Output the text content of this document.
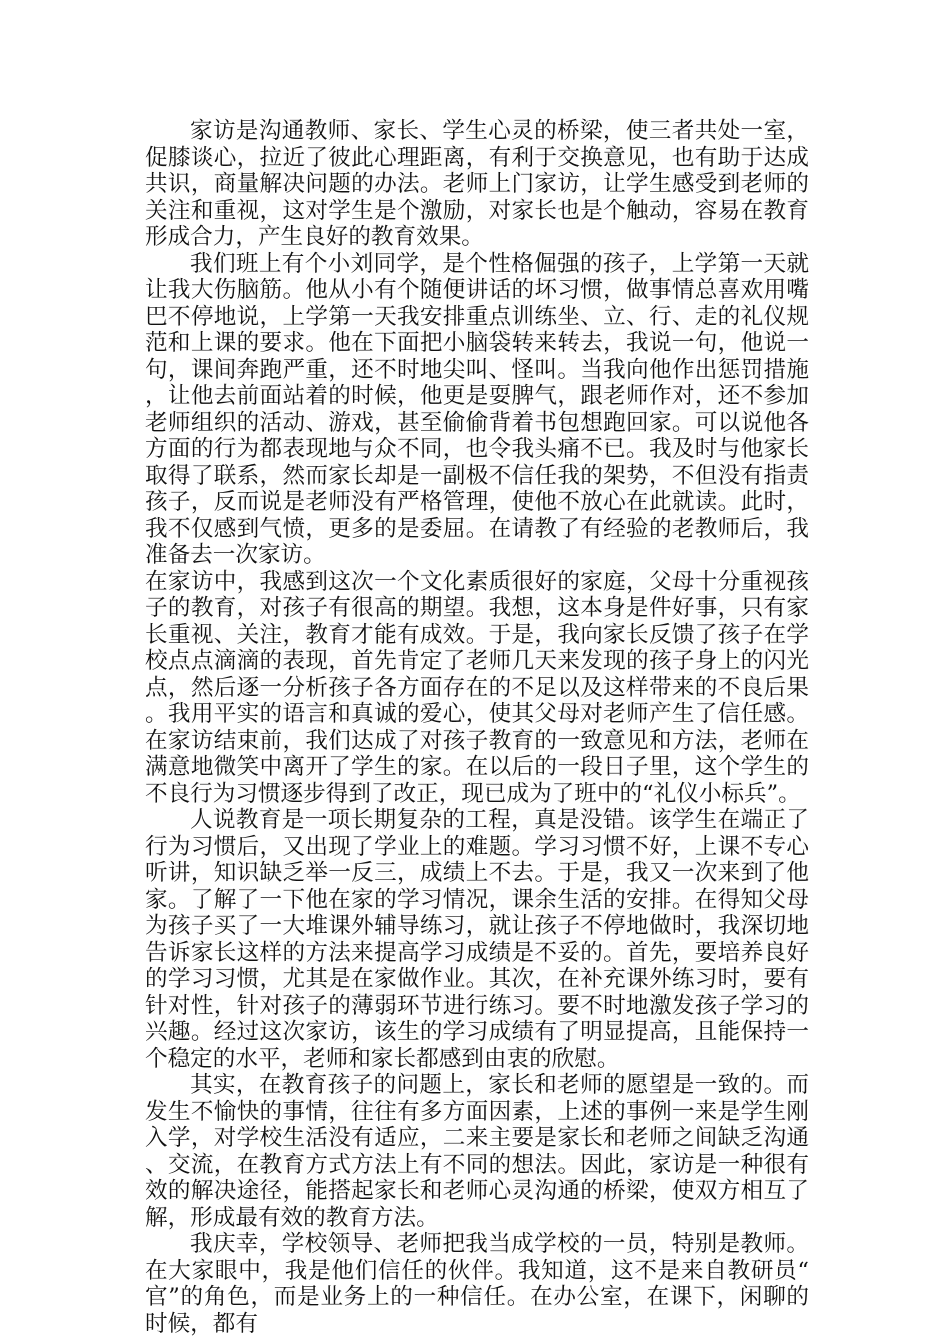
家访是沟通教师、家长、学生心灵的桥梁，使三者共处一室，促膝谈心，拉近了彼此心理距离，有利于交换意见，也有助于达成共识，商量解决问题的办法。老师上门家访，让学生感受到老师的关注和重视，这对学生是个激励，对家长也是个触动，容易在教育形成合力，产生良好的教育效果。

我们班上有个小刘同学，是个性格倔强的孩子，上学第一天就让我大伤脑筋。他从小有个随便讲话的坏习惯，做事情总喜欢用嘴巴不停地说，上学第一天我安排重点训练坐、立、行、走的礼仪规范和上课的要求。他在下面把小脑袋转来转去，我说一句，他说一句，课间奔跑严重，还不时地尖叫、怪叫。当我向他作出惩罚措施，让他去前面站着的时候，他更是耍脾气，跟老师作对，还不参加老师组织的活动、游戏，甚至偷偷背着书包想跑回家。可以说他各方面的行为都表现地与众不同，也令我头痛不已。我及时与他家长取得了联系，然而家长却是一副极不信任我的架势，不但没有指责孩子，反而说是老师没有严格管理，使他不放心在此就读。此时，我不仅感到气愤，更多的是委屈。在请教了有经验的老教师后，我准备去一次家访。

在家访中，我感到这次一个文化素质很好的家庭，父母十分重视孩子的教育，对孩子有很高的期望。我想，这本身是件好事，只有家长重视、关注，教育才能有成效。于是，我向家长反馈了孩子在学校点点滴滴的表现，首先肯定了老师几天来发现的孩子身上的闪光点，然后逐一分析孩子各方面存在的不足以及这样带来的不良后果。我用平实的语言和真诚的爱心，使其父母对老师产生了信任感。在家访结束前，我们达成了对孩子教育的一致意见和方法，老师在满意地微笑中离开了学生的家。在以后的一段日子里，这个学生的不良行为习惯逐步得到了改正，现已成为了班中的“礼仪小标兵”。

人说教育是一项长期复杂的工程，真是没错。该学生在端正了行为习惯后，又出现了学业上的难题。学习习惯不好，上课不专心听讲，知识缺乏举一反三，成绩上不去。于是，我又一次来到了他家。了解了一下他在家的学习情况，课余生活的安排。在得知父母为孩子买了一大堆课外辅导练习，就让孩子不停地做时，我深切地告诉家长这样的方法来提高学习成绩是不妥的。首先，要培养良好的学习习惯，尤其是在家做作业。其次，在补充课外练习时，要有针对性，针对孩子的薄弱环节进行练习。要不时地激发孩子学习的兴趣。经过这次家访，该生的学习成绩有了明显提高，且能保持一个稳定的水平，老师和家长都感到由衷的欣慰。

其实，在教育孩子的问题上，家长和老师的愿望是一致的。而发生不愉快的事情，往往有多方面因素，上述的事例一来是学生刚入学，对学校生活没有适应，二来主要是家长和老师之间缺乏沟通、交流，在教育方式方法上有不同的想法。因此，家访是一种很有效的解决途径，能搭起家长和老师心灵沟通的桥梁，使双方相互了解，形成最有效的教育方法。

我庆幸，学校领导、老师把我当成学校的一员，特别是教师。在大家眼中，我是他们信任的伙伴。我知道，这不是来自教研员“官”的角色，而是业务上的一种信任。在办公室，在课下，闲聊的时候，都有
